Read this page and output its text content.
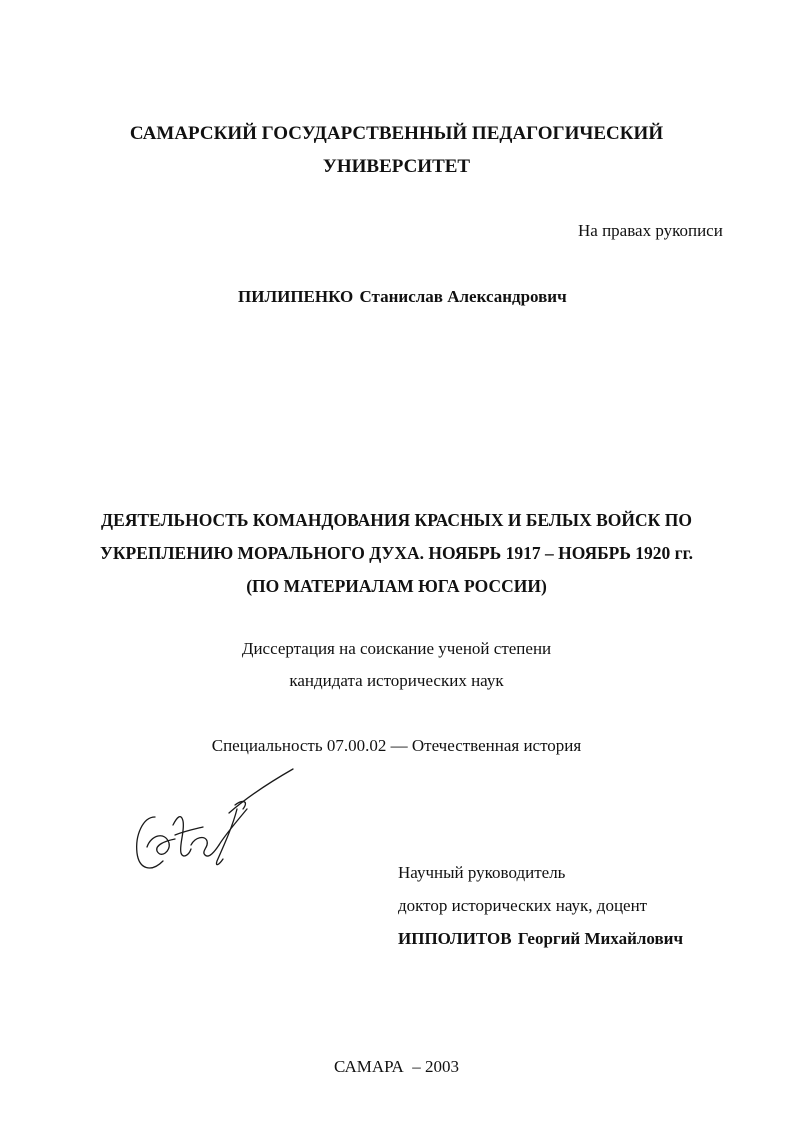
САМАРСКИЙ ГОСУДАРСТВЕННЫЙ ПЕДАГОГИЧЕСКИЙ
УНИВЕРСИТЕТ
На правах рукописи
ПИЛИПЕНКО Станислав Александрович
ДЕЯТЕЛЬНОСТЬ КОМАНДОВАНИЯ КРАСНЫХ И БЕЛЫХ ВОЙСК ПО
УКРЕПЛЕНИЮ МОРАЛЬНОГО ДУХА. НОЯБРЬ 1917 – НОЯБРЬ 1920 гг.
(ПО МАТЕРИАЛАМ ЮГА РОССИИ)
Диссертация на соискание ученой степени
кандидата исторических наук
Специальность 07.00.02 — Отечественная история
Научный руководитель
доктор исторических наук, доцент
ИППОЛИТОВ Георгий Михайлович
САМАРА  – 2003
